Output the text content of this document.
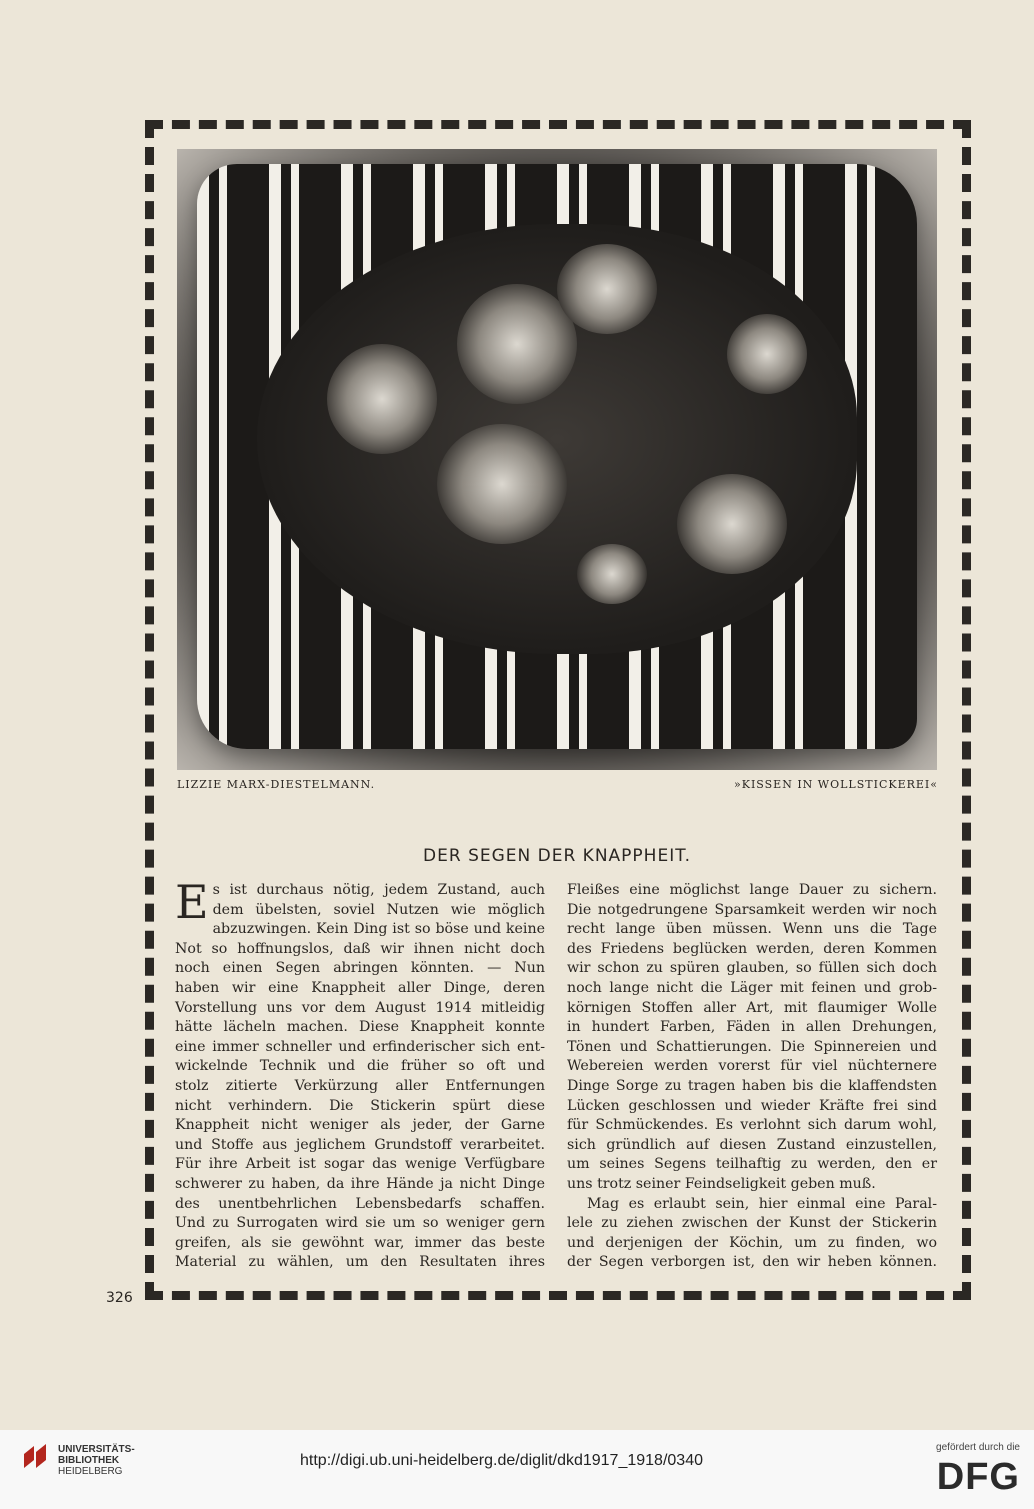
LIZZIE MARX-DIESTELMANN.	»KISSEN IN WOLLSTICKEREI«
DER SEGEN DER KNAPPHEIT.
E s ist durchaus nötig, jedem Zustand, auch
dem übelsten, soviel Nutzen wie möglich
abzuzwingen. Kein Ding ist so böse und keine
Not so hoffnungslos, daß wir ihnen nicht doch
noch einen Segen abringen könnten. — Nun
haben wir eine Knappheit aller Dinge, deren
Vorstellung uns vor dem August 1914 mitleidig
hätte lächeln machen. Diese Knappheit konnte
eine immer schneller und erfinderischer sich ent-
wickelnde Technik und die früher so oft und
stolz zitierte Verkürzung aller Entfernungen
nicht verhindern. Die Stickerin spürt diese
Knappheit nicht weniger als jeder, der Garne
und Stoffe aus jeglichem Grundstoff verarbeitet.
Für ihre Arbeit ist sogar das wenige Verfügbare
schwerer zu haben, da ihre Hände ja nicht Dinge
des unentbehrlichen Lebensbedarfs schaffen.
Und zu Surrogaten wird sie um so weniger gern
greifen, als sie gewöhnt war, immer das beste
Material zu wählen, um den Resultaten ihres
Fleißes eine möglichst lange Dauer zu sichern.
Die notgedrungene Sparsamkeit werden wir noch
recht lange üben müssen. Wenn uns die Tage
des Friedens beglücken werden, deren Kommen
wir schon zu spüren glauben, so füllen sich doch
noch lange nicht die Läger mit feinen und grob-
körnigen Stoffen aller Art, mit flaumiger Wolle
in hundert Farben, Fäden in allen Drehungen,
Tönen und Schattierungen. Die Spinnereien und
Webereien werden vorerst für viel nüchternere
Dinge Sorge zu tragen haben bis die klaffendsten
Lücken geschlossen und wieder Kräfte frei sind
für Schmückendes. Es verlohnt sich darum wohl,
sich gründlich auf diesen Zustand einzustellen,
um seines Segens teilhaftig zu werden, den er
uns trotz seiner Feindseligkeit geben muß.
Mag es erlaubt sein, hier einmal eine Paral-
lele zu ziehen zwischen der Kunst der Stickerin
und derjenigen der Köchin, um zu finden, wo
der Segen verborgen ist, den wir heben können.
326
UNIVERSITÄTS-
BIBLIOTHEK
HEIDELBERG
http://digi.ub.uni-heidelberg.de/diglit/dkd1917_1918/0340
gefördert durch die
DFG
